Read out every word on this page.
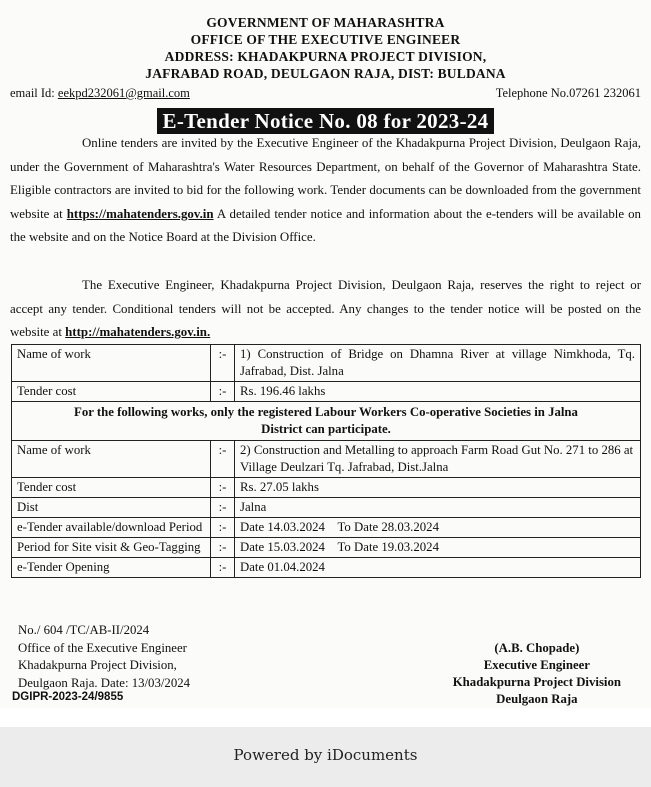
GOVERNMENT OF MAHARASHTRA
OFFICE OF THE EXECUTIVE ENGINEER
ADDRESS: KHADAKPURNA PROJECT DIVISION,
JAFRABAD ROAD, DEULGAON RAJA, DIST: BULDANA
email Id: eekpd232061@gmail.com	Telephone No.07261 232061
E-Tender Notice No. 08 for 2023-24

Online tenders are invited by the Executive Engineer of the Khadakpurna Project Division, Deulgaon Raja, under the Government of Maharashtra's Water Resources Department, on behalf of the Governor of Maharashtra State. Eligible contractors are invited to bid for the following work. Tender documents can be downloaded from the government website at https://mahatenders.gov.in A detailed tender notice and information about the e-tenders will be available on the website and on the Notice Board at the Division Office.

The Executive Engineer, Khadakpurna Project Division, Deulgaon Raja, reserves the right to reject or accept any tender. Conditional tenders will not be accepted. Any changes to the tender notice will be posted on the website at http://mahatenders.gov.in.

Name of work	:-	1) Construction of Bridge on Dhamna River at village Nimkhoda, Tq. Jafrabad, Dist. Jalna
Tender cost	:-	Rs. 196.46 lakhs
For the following works, only the registered Labour Workers Co-operative Societies in Jalna District can participate.		
Name of work	:-	2) Construction and Metalling to approach Farm Road Gut No. 271 to 286 at Village Deulzari Tq. Jafrabad, Dist.Jalna
Tender cost	:-	Rs. 27.05 lakhs
Dist	:-	Jalna
e-Tender available/download Period	:-	Date 14.03.2024    To Date 28.03.2024
Period for Site visit & Geo-Tagging	:-	Date 15.03.2024    To Date 19.03.2024
e-Tender Opening	:-	Date 01.04.2024
No./ 604 /TC/AB-II/2024
Office of the Executive Engineer
Khadakpurna Project Division,
Deulgaon Raja. Date: 13/03/2024
(A.B. Chopade)
Executive Engineer
Khadakpurna Project Division
Deulgaon Raja
DGIPR-2023-24/9855
Powered by iDocuments
